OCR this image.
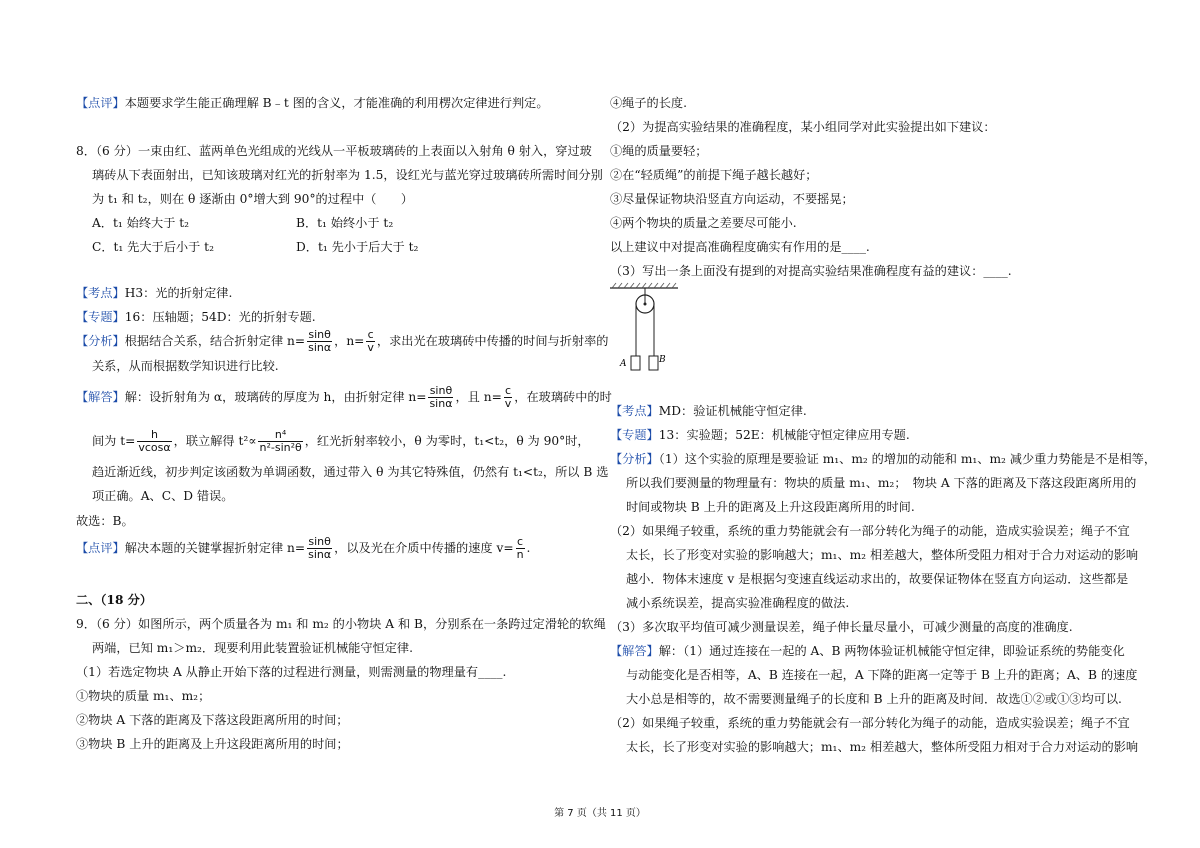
【点评】本题要求学生能正确理解 B﹣t 图的含义，才能准确的利用楞次定律进行判定。
8．（6 分）一束由红、蓝两单色光组成的光线从一平板玻璃砖的上表面以入射角 θ 射入，穿过玻
璃砖从下表面射出，已知该玻璃对红光的折射率为 1.5，设红光与蓝光穿过玻璃砖所需时间分别
为 t₁ 和 t₂，则在 θ 逐渐由 0°增大到 90°的过程中（　　）
A．t₁ 始终大于 t₂	B．t₁ 始终小于 t₂
C．t₁ 先大于后小于 t₂	D．t₁ 先小于后大于 t₂
【考点】H3：光的折射定律.
【专题】16：压轴题；54D：光的折射专题.
【分析】根据结合关系，结合折射定律 $n= \frac{\sin\theta}{\sin\alpha}$ ，$n= \frac{c}{v}$ ，求出光在玻璃砖中传播的时间与折射率的
关系，从而根据数学知识进行比较.
【解答】解：设折射角为 α，玻璃砖的厚度为 h，由折射定律 $n= \frac{\sin\theta}{\sin\alpha}$ ，且 $n= \frac{c}{v}$ ，在玻璃砖中的时
间为 $t= \frac{h}{vcos\alpha}$ ，联立解得 $t^2\propto \frac{\text{n⁴}}{\text{n²-sin²θ}}$ ，红光折射率较小，θ 为零时，t₁<t₂，θ 为 90°时，
趋近渐近线，初步判定该函数为单调函数，通过带入 θ 为其它特殊值，仍然有 t₁<t₂，所以 B 选
项正确。A、C、D 错误。
故选：B。
【点评】解决本题的关键掌握折射定律 $n= \frac{\sin\theta}{\sin\alpha}$ ，以及光在介质中传播的速度 $v= \frac{c}{n}$ .
二、（18 分）
9．（6 分）如图所示，两个质量各为 m₁ 和 m₂ 的小物块 A 和 B，分别系在一条跨过定滑轮的软绳
两端，已知 m₁＞m₂．现要利用此装置验证机械能守恒定律.
（1）若选定物块 A 从静止开始下落的过程进行测量，则需测量的物理量有____.
①物块的质量 m₁、m₂；
②物块 A 下落的距离及下落这段距离所用的时间；
③物块 B 上升的距离及上升这段距离所用的时间；
④绳子的长度.
（2）为提高实验结果的准确程度，某小组同学对此实验提出如下建议：
①绳的质量要轻；
②在“轻质绳”的前提下绳子越长越好；
③尽量保证物块沿竖直方向运动，不要摇晃；
④两个物块的质量之差要尽可能小.
以上建议中对提高准确程度确实有作用的是____.
（3）写出一条上面没有提到的对提高实验结果准确程度有益的建议：____.
A	B
【考点】MD：验证机械能守恒定律.
【专题】13：实验题；52E：机械能守恒定律应用专题.
【分析】（1）这个实验的原理是要验证 m₁、m₂ 的增加的动能和 m₁、m₂ 减少重力势能是不是相等，
所以我们要测量的物理量有：物块的质量 m₁、m₂；　物块 A 下落的距离及下落这段距离所用的
时间或物块 B 上升的距离及上升这段距离所用的时间.
（2）如果绳子较重，系统的重力势能就会有一部分转化为绳子的动能，造成实验误差；绳子不宜
太长，长了形变对实验的影响越大；m₁、m₂ 相差越大，整体所受阻力相对于合力对运动的影响
越小．物体末速度 v 是根据匀变速直线运动求出的，故要保证物体在竖直方向运动．这些都是
减小系统误差，提高实验准确程度的做法.
（3）多次取平均值可减少测量误差，绳子伸长量尽量小，可减少测量的高度的准确度.
【解答】解：（1）通过连接在一起的 A、B 两物体验证机械能守恒定律，即验证系统的势能变化
与动能变化是否相等，A、B 连接在一起，A 下降的距离一定等于 B 上升的距离；A、B 的速度
大小总是相等的，故不需要测量绳子的长度和 B 上升的距离及时间．故选①②或①③均可以.
（2）如果绳子较重，系统的重力势能就会有一部分转化为绳子的动能，造成实验误差；绳子不宜
太长，长了形变对实验的影响越大；m₁、m₂ 相差越大，整体所受阻力相对于合力对运动的影响
第 7 页（共 11 页）
